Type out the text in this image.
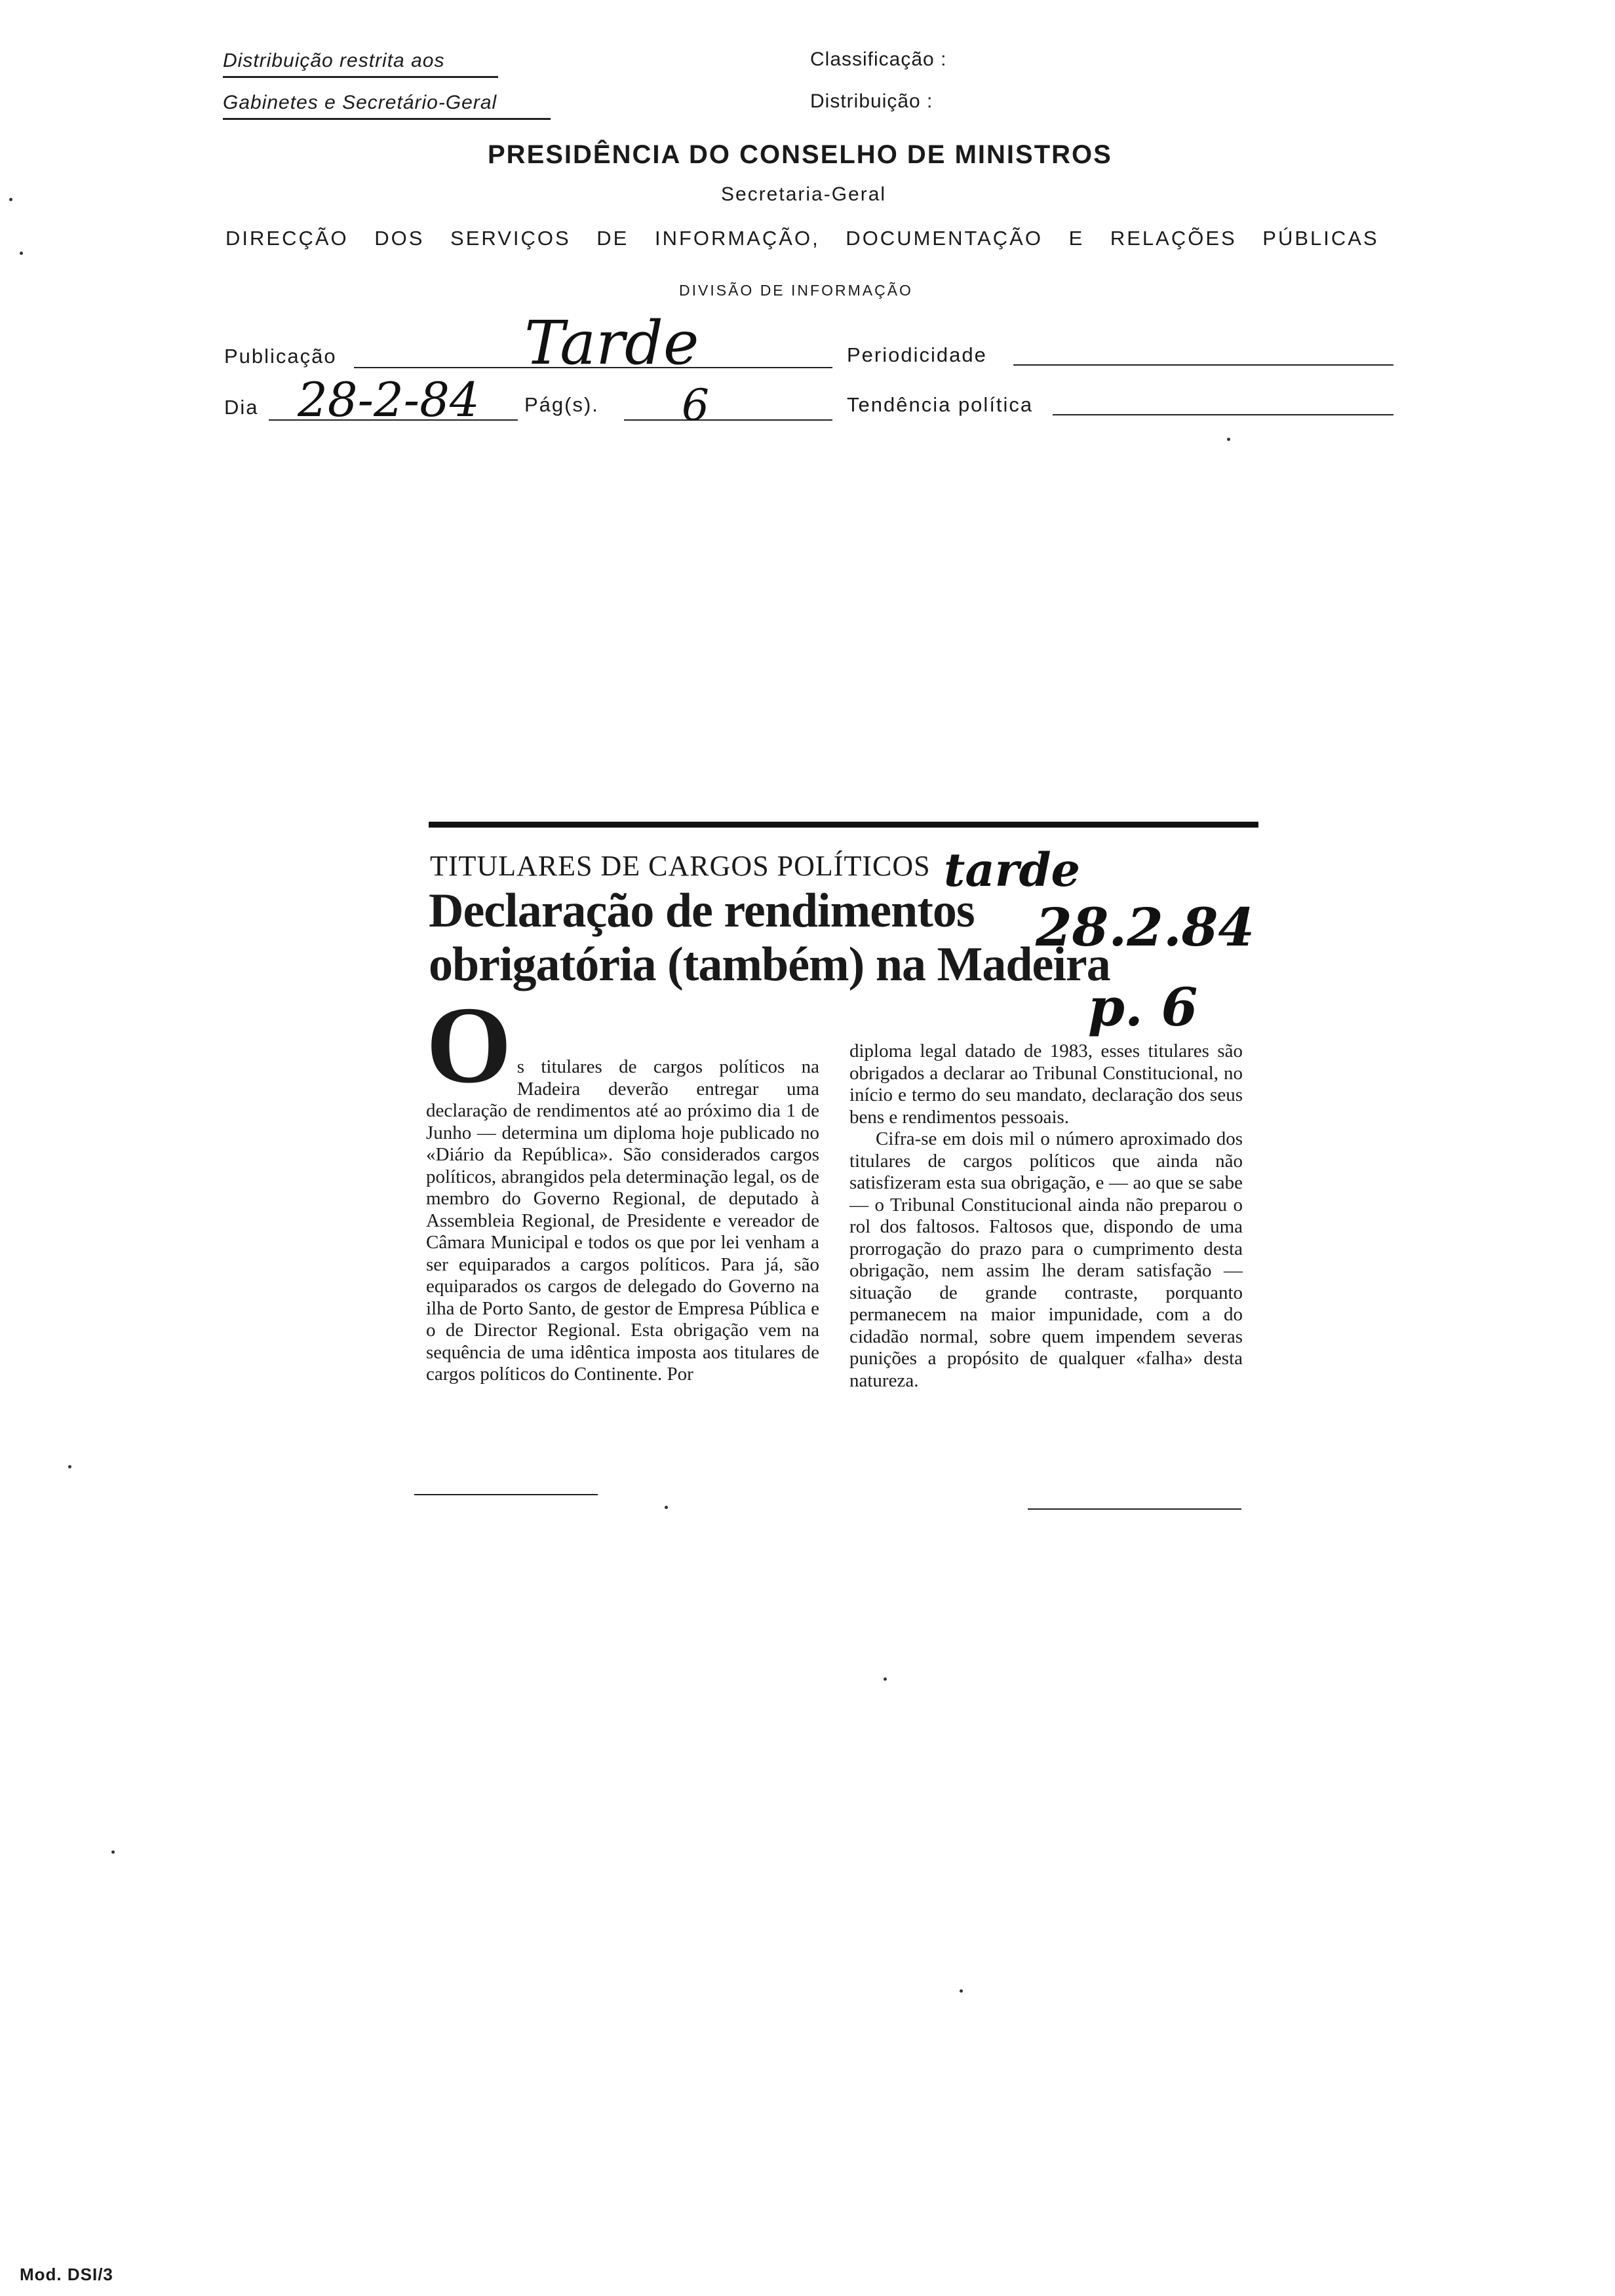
Distribuição restrita aos
Gabinetes e Secretário-Geral
Classificação :
Distribuição :
PRESIDÊNCIA DO CONSELHO DE MINISTROS
Secretaria-Geral
DIRECÇÃO DOS SERVIÇOS DE INFORMAÇÃO, DOCUMENTAÇÃO E RELAÇÕES PÚBLICAS
DIVISÃO DE INFORMAÇÃO
Publicação	Tarde	Periodicidade
Dia 28-2-84 Pág(s). 6	Tendência política
TITULARES DE CARGOS POLÍTICOS
Declaração de rendimentos
obrigatória (também) na Madeira
tarde
28.2.84
p. 6
O s titulares de cargos políticos na Madeira deverão entregar uma declaração de rendimentos até ao próximo dia 1 de Junho — determina um diploma hoje publicado no «Diário da República». São considerados cargos políticos, abrangidos pela determinação legal, os de membro do Governo Regional, de deputado à Assembleia Regional, de Presidente e vereador de Câmara Municipal e todos os que por lei venham a ser equiparados a cargos políticos. Para já, são equiparados os cargos de delegado do Governo na ilha de Porto Santo, de gestor de Empresa Pública e o de Director Regional. Esta obrigação vem na sequência de uma idêntica imposta aos titulares de cargos políticos do Continente. Por

diploma legal datado de 1983, esses titulares são obrigados a declarar ao Tribunal Constitucional, no início e termo do seu mandato, declaração dos seus bens e rendimentos pessoais.

Cifra-se em dois mil o número aproximado dos titulares de cargos políticos que ainda não satisfizeram esta sua obrigação, e — ao que se sabe — o Tribunal Constitucional ainda não preparou o rol dos faltosos. Faltosos que, dispondo de uma prorrogação do prazo para o cumprimento desta obrigação, nem assim lhe deram satisfação — situação de grande contraste, porquanto permanecem na maior impunidade, com a do cidadão normal, sobre quem impendem severas punições a propósito de qualquer «falha» desta natureza.

Mod. DSI/3
